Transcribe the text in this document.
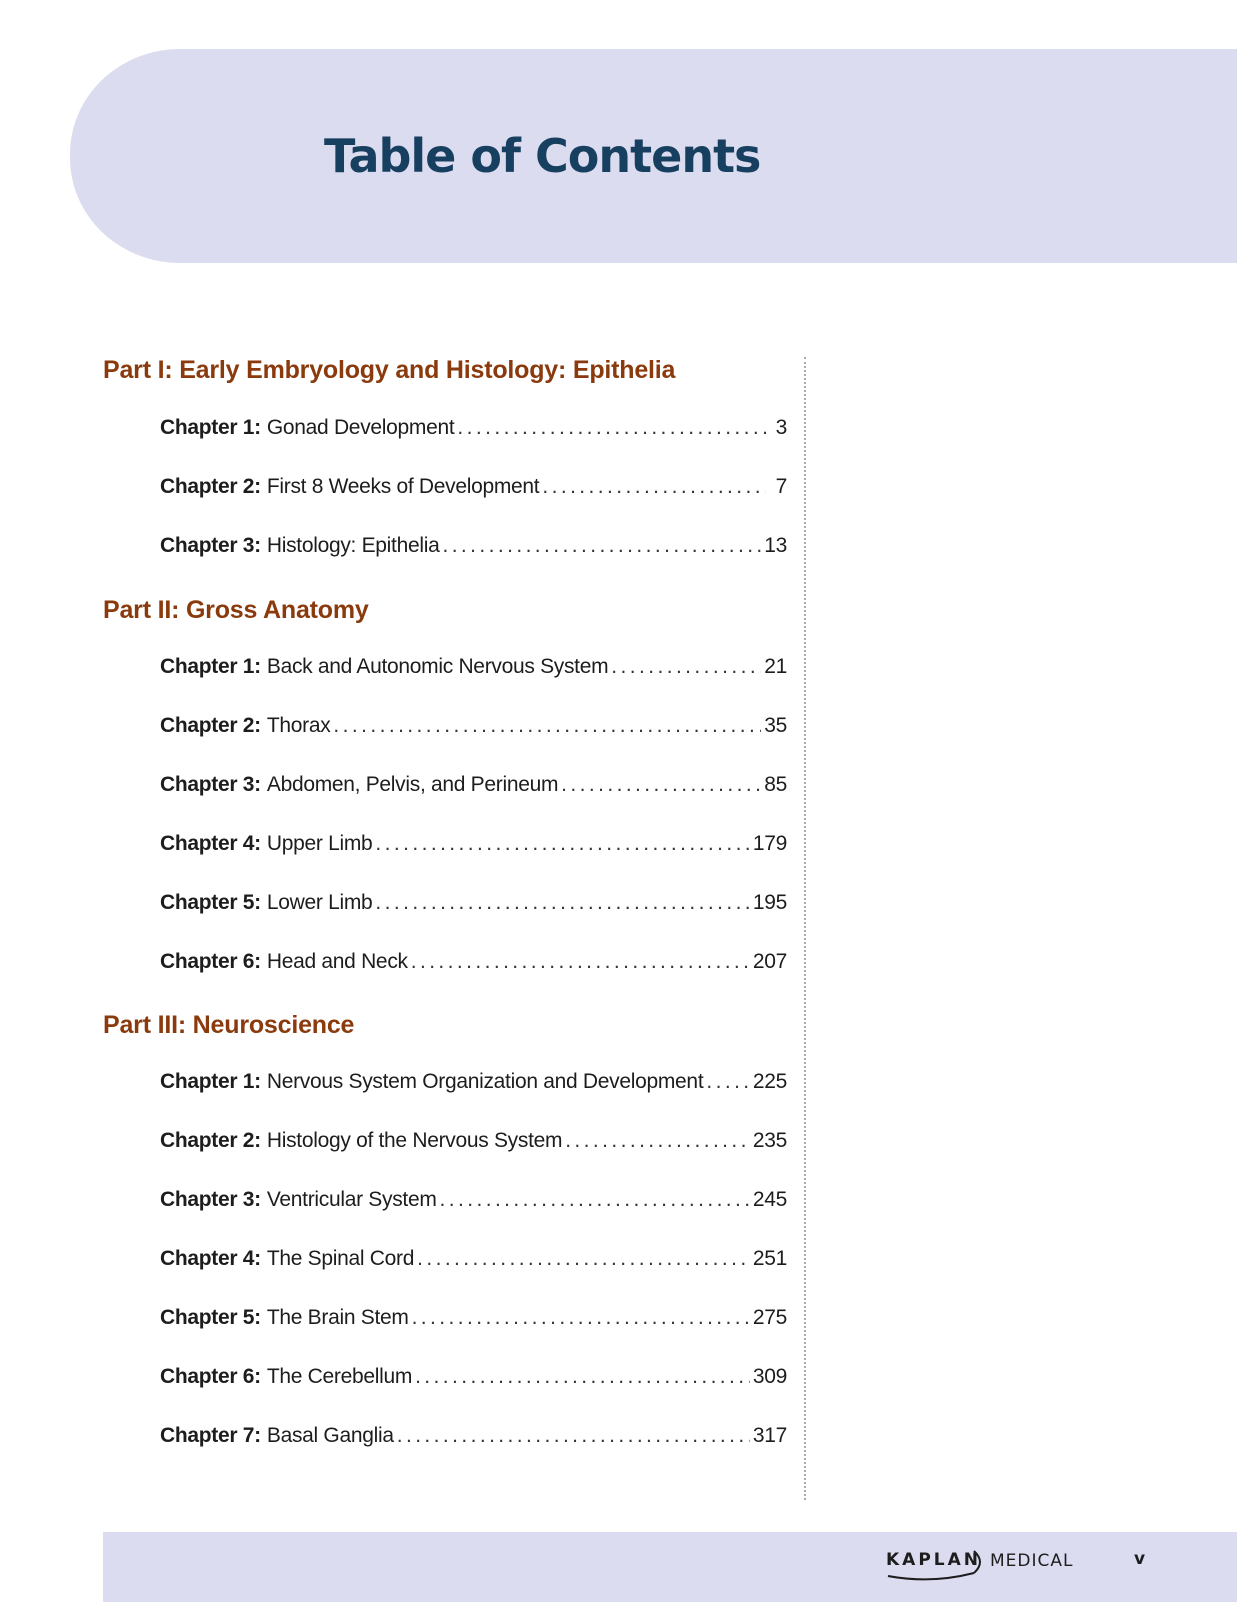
Table of Contents
Part I: Early Embryology and Histology: Epithelia
Chapter 1: Gonad Development .....	3
Chapter 2: First 8 Weeks of Development .....	7
Chapter 3: Histology: Epithelia .....	13
Part II: Gross Anatomy
Chapter 1: Back and Autonomic Nervous System .....	21
Chapter 2: Thorax .....	35
Chapter 3: Abdomen, Pelvis, and Perineum .....	85
Chapter 4: Upper Limb .....	179
Chapter 5: Lower Limb .....	195
Chapter 6: Head and Neck .....	207
Part III: Neuroscience
Chapter 1: Nervous System Organization and Development ..... 225
Chapter 2: Histology of the Nervous System .....	235
Chapter 3: Ventricular System .....	245
Chapter 4: The Spinal Cord .....	251
Chapter 5: The Brain Stem .....	275
Chapter 6: The Cerebellum .....	309
Chapter 7: Basal Ganglia .....	317
KAPLAN MEDICAL	v
